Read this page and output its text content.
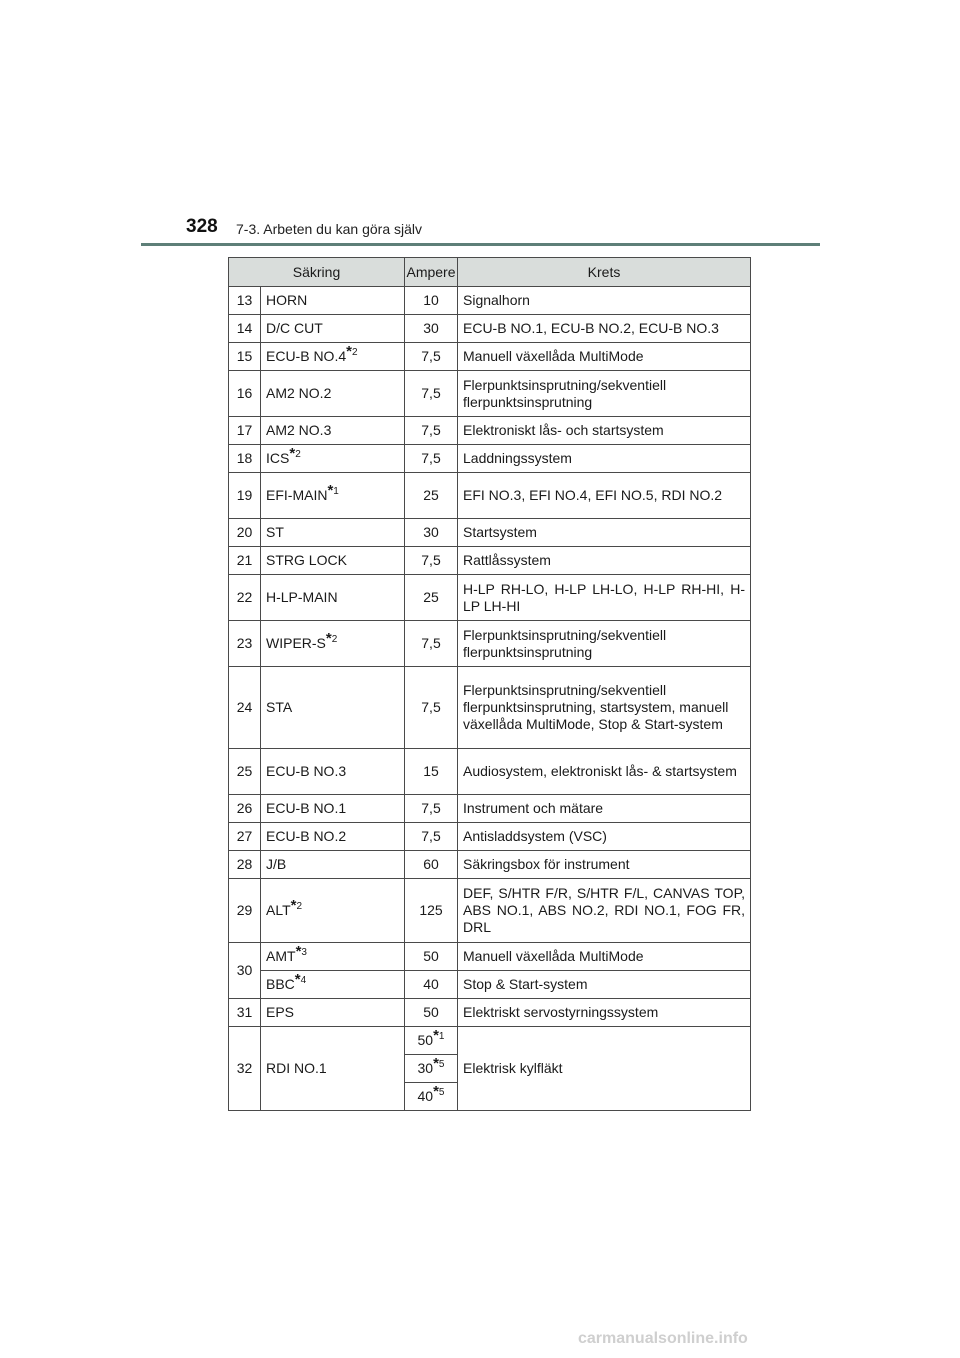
328 7-3. Arbeten du kan göra själv
Säkring		Ampere	Krets
13	HORN	10	Signalhorn
14	D/C CUT	30	ECU-B NO.1, ECU-B NO.2, ECU-B NO.3
15	ECU-B NO.4$^{*2}$	7,5	Manuell växellåda MultiMode
16	AM2 NO.2	7,5	Flerpunktsinsprutning/sekventiell flerpunktsinsprutning
17	AM2 NO.3	7,5	Elektroniskt lås- och startsystem
18	ICS$^{*2}$	7,5	Laddningssystem
19	EFI-MAIN$^{*1}$	25	EFI NO.3, EFI NO.4, EFI NO.5, RDI NO.2
20	ST	30	Startsystem
21	STRG LOCK	7,5	Rattlåssystem
22	H-LP-MAIN	25	H-LP RH-LO, H-LP LH-LO, H-LP RH-HI, H-LP LH-HI
23	WIPER-$S^{*2}$	7,5	Flerpunktsinsprutning/sekventiell flerpunktsinsprutning
24	STA	7,5	Flerpunktsinsprutning/sekventiell flerpunktsinsprutning, startsystem, manuell växellåda MultiMode, Stop & Start-system
25	ECU-B NO.3	15	Audiosystem, elektroniskt lås- & startsystem
26	ECU-B NO.1	7,5	Instrument och mätare
27	ECU-B NO.2	7,5	Antisladdsystem (VSC)
28	J/B	60	Säkringsbox för instrument
29	ALT$^{*2}$	125	DEF, S/HTR F/R, S/HTR F/L, CANVAS TOP, ABS NO.1, ABS NO.2, RDI NO.1, FOG FR, DRL
30	AMT$^{*3}$	50	Manuell växellåda MultiMode
	BBC$^{*4}$	40	Stop & Start-system
31	EPS	50	Elektriskt servostyrningssystem
32	RDI NO.1	50$^{*1}$	Elektrisk kylfläkt
		30$^{*5}$
		40$^{*5}$
carmanualsonline.info
